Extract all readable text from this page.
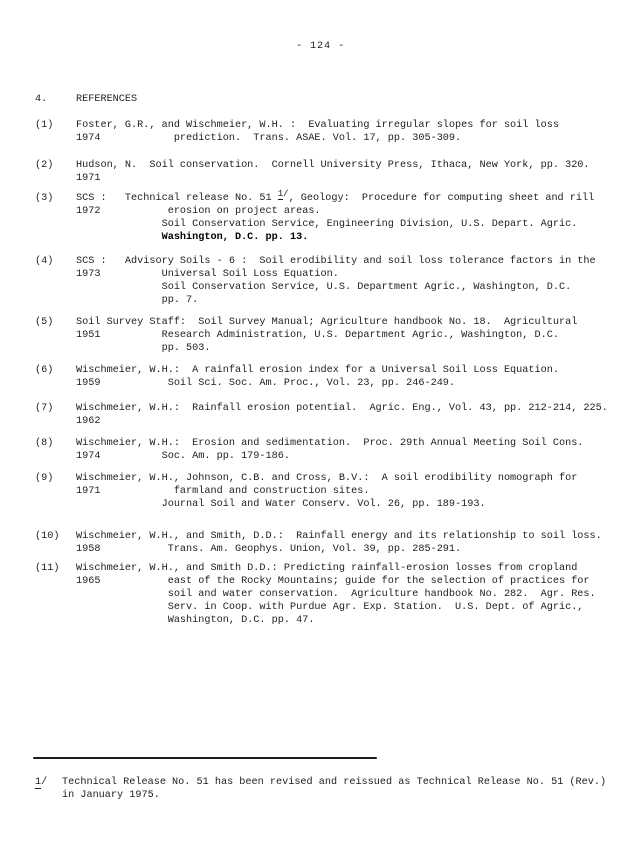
- 124 -
4.	REFERENCES
(1)	Foster, G.R., and Wischmeier, W.H. :  Evaluating irregular slopes for soil loss
1974            prediction.  Trans. ASAE. Vol. 17, pp. 305-309.
(2)	Hudson, N.  Soil conservation.  Cornell University Press, Ithaca, New York, pp. 320.
1971
(3)	SCS :   Technical release No. 51 1/, Geology:  Procedure for computing sheet and rill
1972           erosion on project areas.
Soil Conservation Service, Engineering Division, U.S. Depart. Agric.
Washington, D.C. pp. 13.
(4)	SCS :   Advisory Soils - 6 :  Soil erodibility and soil loss tolerance factors in the
1973          Universal Soil Loss Equation.
Soil Conservation Service, U.S. Department Agric., Washington, D.C.
pp. 7.
(5)	Soil Survey Staff:  Soil Survey Manual; Agriculture handbook No. 18.  Agricultural
1951          Research Administration, U.S. Department Agric., Washington, D.C.
pp. 503.
(6)	Wischmeier, W.H.:  A rainfall erosion index for a Universal Soil Loss Equation.
1959           Soil Sci. Soc. Am. Proc., Vol. 23, pp. 246-249.
(7)	Wischmeier, W.H.:  Rainfall erosion potential.  Agric. Eng., Vol. 43, pp. 212-214, 225.
1962
(8)	Wischmeier, W.H.:  Erosion and sedimentation.  Proc. 29th Annual Meeting Soil Cons.
1974          Soc. Am. pp. 179-186.
(9)	Wischmeier, W.H., Johnson, C.B. and Cross, B.V.:  A soil erodibility nomograph for
1971            farmland and construction sites.
Journal Soil and Water Conserv. Vol. 26, pp. 189-193.
(10)	Wischmeier, W.H., and Smith, D.D.:  Rainfall energy and its relationship to soil loss.
1958           Trans. Am. Geophys. Union, Vol. 39, pp. 285-291.
(11)	Wischmeier, W.H., and Smith D.D.: Predicting rainfall-erosion losses from cropland
1965           east of the Rocky Mountains; guide for the selection of practices for
soil and water conservation.  Agriculture handbook No. 282.  Agr. Res.
Serv. in Coop. with Purdue Agr. Exp. Station.  U.S. Dept. of Agric.,
Washington, D.C. pp. 47.
1/	Technical Release No. 51 has been revised and reissued as Technical Release No. 51 (Rev.)
in January 1975.
